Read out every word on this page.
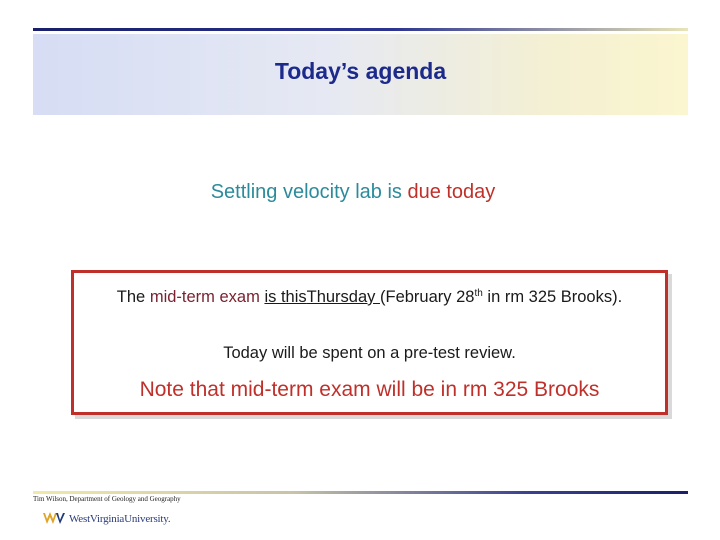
Today’s agenda
Settling velocity lab is due today
The mid-term exam is thisThursday (February 28th in rm 325 Brooks).
Today will be spent on a pre-test review.
Note that mid-term exam will be in rm 325 Brooks
Tim Wilson, Department of Geology and Geography
WestVirginiaUniversity.
